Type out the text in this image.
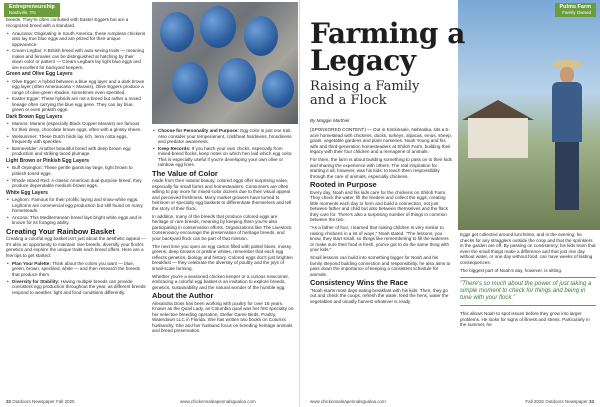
Entrepreneurship
Nashville, TN

breeds. They're often confused with Easter Eggers but are a recognized breed with a standard.

• Araucana: Originating in South America, these rumpless chickens also lay true blue eggs and are prized for their unique appearance.
• Cream Legbar: A British breed with auto-sexing traits — meaning males and females can be distinguished at hatching by their down color or pattern — Cream Legbars lay light blue eggs and are excellent for backyard keepers.
Green and Olive Egg Layers
• Olive Egger: A hybrid between a blue egg layer and a dark brown egg layer (often Ameraucana × Marans), Olive Eggers produce a range of olive-green shades, sometimes even speckled.
• Easter Egger: These hybrids are not a breed but rather a mixed lineage often carrying the blue egg gene. They can lay blue, green or even pinkish eggs.
Dark Brown Egg Layers
• Marans: Marans (especially Black Copper Marans) are famous for their deep, chocolate brown eggs, often with a glossy sheen.
• Welsummer: These Dutch birds lay rich, terra cotta eggs, frequently with speckles.
• Barnevelder: Another beautiful breed with deep brown egg production and striking laced plumage.
Light Brown or Pinkish Egg Layers
• Buff Orpington: These gentle giants lay large, light brown to pinkish-toned eggs.
• Rhode Island Red: A classic American dual-purpose breed, they produce dependable medium-brown eggs.
White Egg Layers
• Leghorn: Famous for their prolific laying and snow-white eggs, Leghorns are commercial egg production but still found on many homesteads.
• Ancona: This Mediterranean breed lays bright white eggs and is known for its foraging ability.
Creating Your Rainbow Basket

Creating a colorful egg basket isn't just about the aesthetic appeal — it's also an opportunity to maintain rare breeds, diversify your flock's genetics and explore the unique traits each breed offers. Here are a few tips to get started:

• Plan Your Palette: Think about the colors you want — blue, green, brown, speckled, white — and then research the breeds that produce them.
• Diversity for Stability: Having multiple breeds can provide consistent egg production throughout the year, as different breeds respond to weather, light and food conditions differently.
• Choose for Personality and Purpose: Egg color is just one trait. Also consider your temperament, cold/heat hardiness, broodiness and predator awareness.
• Keep Records: If you hatch your own chicks, especially from mixed-breed flocks, keep notes on which hen laid which egg color. This is especially useful if you're developing your own olive or rainbow egg lines.
The Value of Color

Aside from their natural beauty, colored eggs offer surprising value, especially for small farms and homesteaders. Consumers are often willing to pay more for mixed-color dozens due to their visual appeal and perceived freshness. Many market growers have turned to heirloom or specialty egg baskets to differentiate themselves and tell the story of their flock.

In addition, many of the breeds that produce colored eggs are heritage or rare breeds, meaning by keeping them you're also participating in conservation efforts. Organizations like The Livestock Conservancy encourage the preservation of heritage breeds, and your backyard flock can be part of that mission.

The next time you open an egg carton filled with pastel blues, mossy greens, deep browns or pristine whites, remember that each egg reflects genetics, biology and history. Colored eggs don't just brighten breakfast — they celebrate the diversity of poultry and the joys of small-scale farming.

Whether you're a seasoned chicken keeper or a curious newcomer, embracing a colorful egg basket is an invitation to explore breeds, genetics, sustainability and the natural wonder of the humble egg.

About the Author

Alexandra Doss has been working with poultry for over 18 years. Known as the Quail Lady, as Columbia quail was her first specialty on her selective breeding operation, Stellar Game Birds, Poultry, Waterdown LLC in Florida. She has written two books on Coturnix husbandry. She and her husband focus on breeding heritage animals and breed preservation.

32 Outdoors Newspaper Fall 2025	www.chickensaleapennalsgualoa.com
Pulms Farm
Family Owned
Farming a
Legacy
Raising a Family
and a Flock
By Maggie Marthiel

(SPONSORED CONTENT) — Out in Kimkinsale, Nebraska, sits a 5-acre homestead with chickens, ducks, turkeys, alpacas, emus, sheep, goats, vegetable gardens and plant nurseries. Noah Young and his wife and third-generation homesteaders at Shiloh Farm, building their legacy with their four children and a menagerie of animals.

For them, the farm is about building something to pass on to their kids and sharing the experience with others. The real inspiration for starting it all, however, was his kids: to teach them responsibility through the care of animals, especially chickens.

Rooted in Purpose

Every day, Noah and his kids care for the chickens on Shiloh Farm. They check the water, fill the feeders and collect the eggs, creating little moments each day to form and build a connection, not just between father and child but also between themselves and the flock they care for. There's also a surprising number of things in common between the two.

"As a father of four, I learned that raising children is very similar to raising chickens in a lot of ways," Noah stated. "The lessons, you know, they start small, so things like remembering to fill the waterers or make sure their food is fresh, you've got to do the same thing with your kids."

Small lessons can build into something bigger for Noah and his family. Beyond building connection and responsibility, he also aims to pass down the importance of keeping a consistent schedule for animals.

Consistency Wins the Race

"Noah starts most days eating breakfast with his kids. Then, they go out and check the coops, refresh the water, feed the hens, water the vegetables and usually harvest whatever is ready

Eggs get collected around lunchtime, and in the evening, he checks for any stragglers outside the coop and that the sprinklers in the garden are off. By passing on consistency, his kids learn that even the small things make a difference and that just one day without water, or one day without food, can have weeks of lasting consequences.

The biggest part of Noah's day, however, is sitting.

"There's so much about the power of just taking a simple moment to check for things and being in tune with your flock."

This allows Noah to spot issues before they grow into larger problems. He looks for signs of illness and stress. Particularly in the summer, he

www.chickensaleapennalsgualoa.com	Fall 2025 Outdoors Newspaper 33
